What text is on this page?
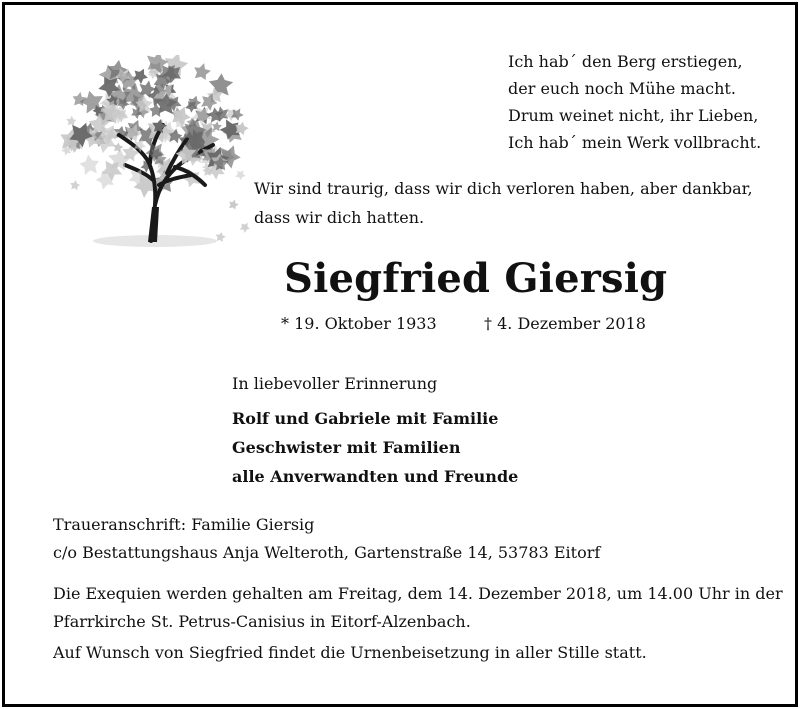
Ich hab´ den Berg erstiegen,
der euch noch Mühe macht.
Drum weinet nicht, ihr Lieben,
Ich hab´ mein Werk vollbracht.
Wir sind traurig, dass wir dich verloren haben, aber dankbar,
dass wir dich hatten.
Siegfried Giersig
* 19. Oktober 1933	† 4. Dezember 2018
In liebevoller Erinnerung
Rolf und Gabriele mit Familie
Geschwister mit Familien
alle Anverwandten und Freunde
Traueranschrift: Familie Giersig
c/o Bestattungshaus Anja Welteroth, Gartenstraße 14, 53783 Eitorf
Die Exequien werden gehalten am Freitag, dem 14. Dezember 2018, um 14.00 Uhr in der
Pfarrkirche St. Petrus-Canisius in Eitorf-Alzenbach.
Auf Wunsch von Siegfried findet die Urnenbeisetzung in aller Stille statt.
